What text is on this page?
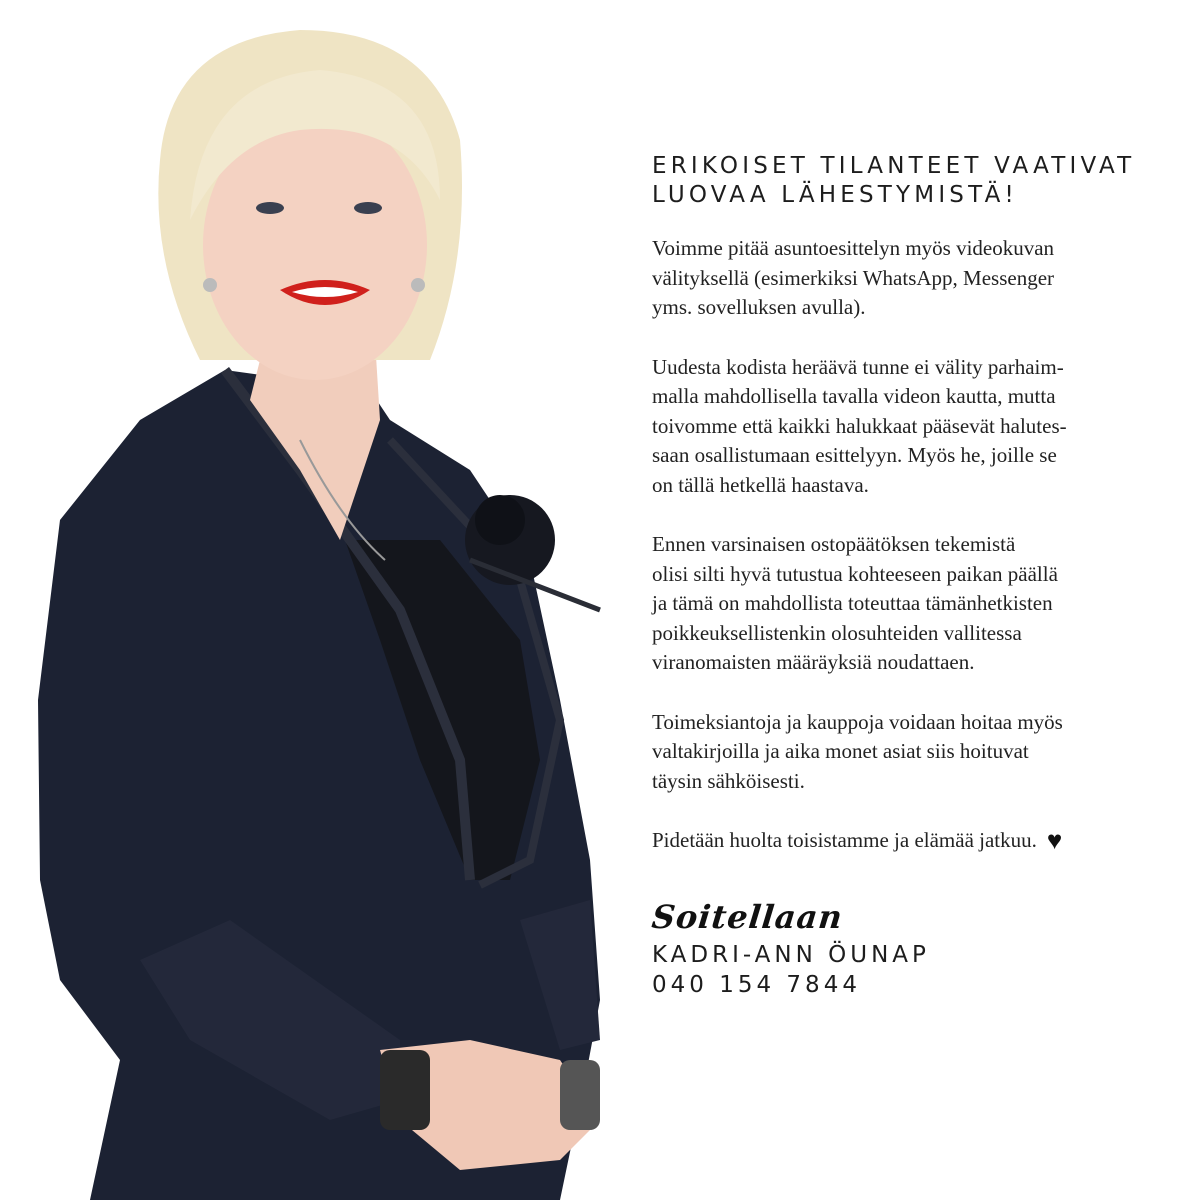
ERIKOISET TILANTEET VAATIVAT
LUOVAA LÄHESTYMISTÄ!

Voimme pitää asuntoesittelyn myös videokuvan
välityksellä (esimerkiksi WhatsApp, Messenger
yms. sovelluksen avulla).

Uudesta kodista heräävä tunne ei välity parhaim-
malla mahdollisella tavalla videon kautta, mutta
toivomme että kaikki halukkaat pääsevät halutes-
saan osallistumaan esittelyyn. Myös he, joille se
on tällä hetkellä haastava.

Ennen varsinaisen ostopäätöksen tekemistä
olisi silti hyvä tutustua kohteeseen paikan päällä
ja tämä on mahdollista toteuttaa tämänhetkisten
poikkeuksellistenkin olosuhteiden vallitessa
viranomaisten määräyksiä noudattaen.

Toimeksiantoja ja kauppoja voidaan hoitaa myös
valtakirjoilla ja aika monet asiat siis hoituvat
täysin sähköisesti.

Pidetään huolta toisistamme ja elämää jatkuu. ♥

Soitellaan
KADRI-ANN ÖUNAP
040 154 7844
